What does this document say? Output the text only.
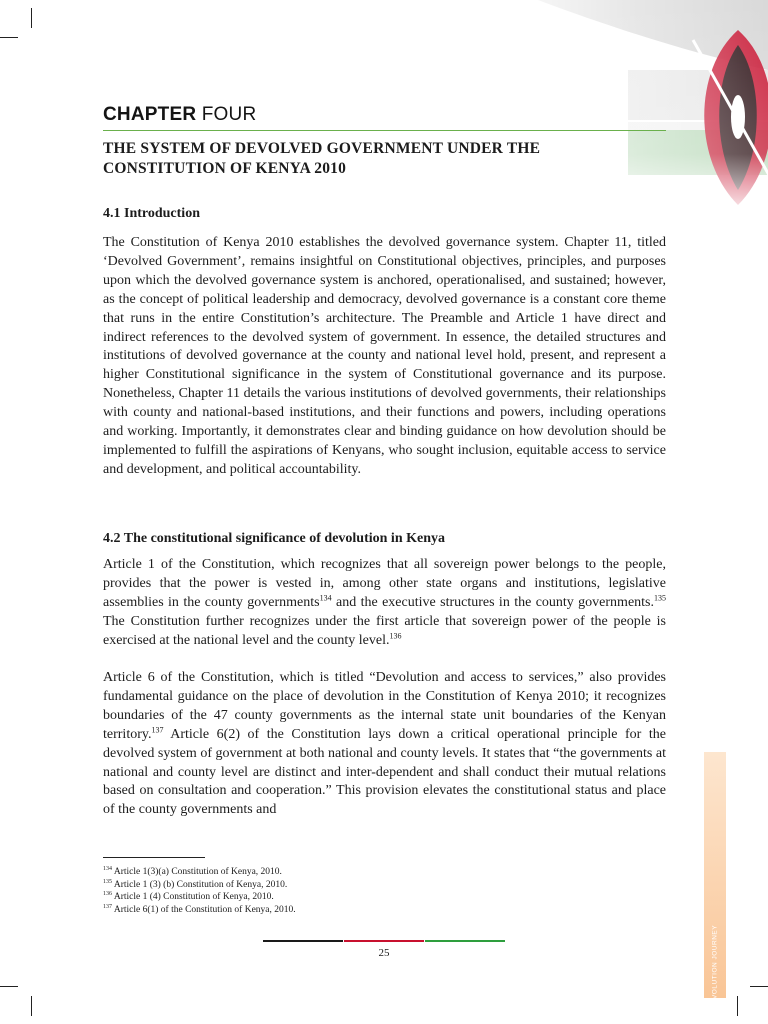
CHAPTER FOUR
THE SYSTEM OF DEVOLVED GOVERNMENT UNDER THE
CONSTITUTION OF KENYA 2010
4.1 Introduction

The Constitution of Kenya 2010 establishes the devolved governance system. Chapter 11, titled ‘Devolved Government’, remains insightful on Constitutional objectives, principles, and purposes upon which the devolved governance system is anchored, operationalised, and sustained; however, as the concept of political leadership and democracy, devolved governance is a constant core theme that runs in the entire Constitution’s architecture. The Preamble and Article 1 have direct and indirect references to the devolved system of government. In essence, the detailed structures and institutions of devolved governance at the county and national level hold, present, and represent a higher Constitutional significance in the system of Constitutional governance and its purpose. Nonetheless, Chapter 11 details the various institutions of devolved governments, their relationships with county and national-based institutions, and their functions and powers, including operations and working. Importantly, it demonstrates clear and binding guidance on how devolution should be implemented to fulfill the aspirations of Kenyans, who sought inclusion, equitable access to service and development, and political accountability.

4.2 The constitutional significance of devolution in Kenya

Article 1 of the Constitution, which recognizes that all sovereign power belongs to the people, provides that the power is vested in, among other state organs and institutions, legislative assemblies in the county governments$^{134}$ and the executive structures in the county governments.$^{135}$ The Constitution further recognizes under the first article that sovereign power of the people is exercised at the national level and the county level.$^{136}$

Article 6 of the Constitution, which is titled “Devolution and access to services,” also provides fundamental guidance on the place of devolution in the Constitution of Kenya 2010; it recognizes boundaries of the 47 county governments as the internal state unit boundaries of the Kenyan territory.$^{137}$ Article 6(2) of the Constitution lays down a critical operational principle for the devolved system of government at both national and county levels. It states that “the governments at national and county level are distinct and inter-dependent and shall conduct their mutual relations based on consultation and cooperation.” This provision elevates the constitutional status and place of the county governments and

$^{134}$ Article 1(3)(a) Constitution of Kenya, 2010.
$^{135}$ Article 1 (3) (b) Constitution of Kenya, 2010.
$^{136}$ Article 1 (4) Constitution of Kenya, 2010.
$^{137}$ Article 6(1) of the Constitution of Kenya, 2010.
25	DEVOLUTION JOURNEY
